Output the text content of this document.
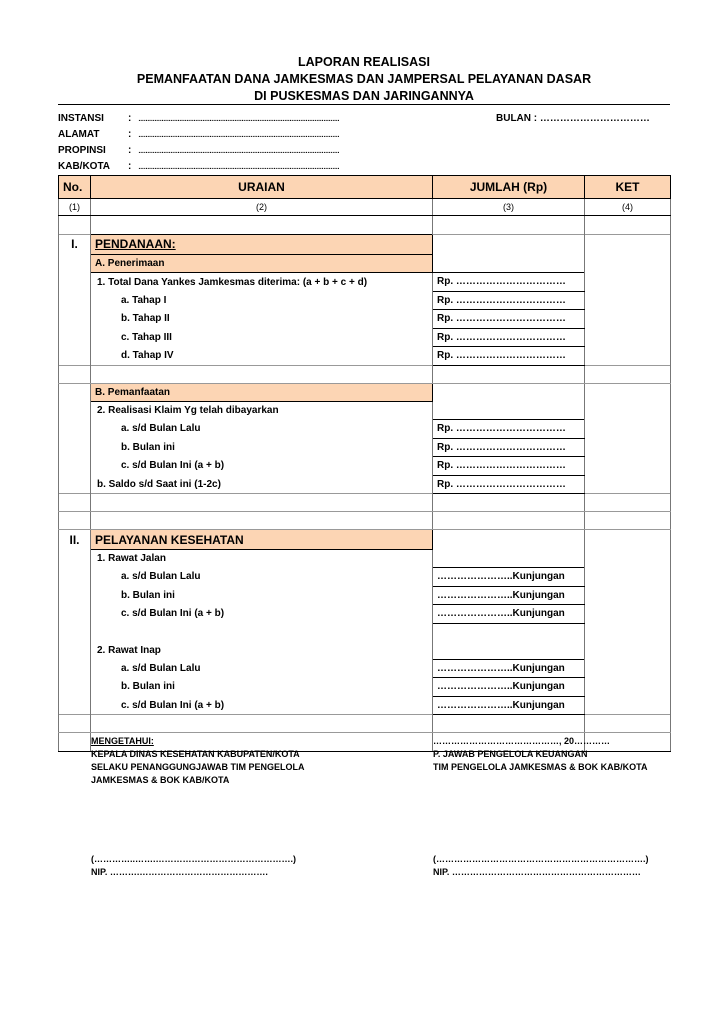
LAPORAN REALISASI
PEMANFAATAN DANA JAMKESMAS DAN JAMPERSAL PELAYANAN DASAR
DI PUSKESMAS DAN JARINGANNYA
INSTANSI : .................................................................................................................	BULAN : ……………………………
ALAMAT	: .................................................................................................................
PROPINSI : .................................................................................................................
KAB/KOTA : .................................................................................................................
No.	URAIAN	JUMLAH (Rp)	KET
(1)	(2)	(3)	(4)

I.	PENDANAAN:		
	A. Penerimaan		
	1. Total Dana Yankes Jamkesmas diterima: (a + b + c + d)	Rp. ……………………………	
	a. Tahap I	Rp. ……………………………	
	b. Tahap II	Rp. ……………………………	
	c. Tahap III	Rp. ……………………………	
	d. Tahap IV	Rp. ……………………………	

	B. Pemanfaatan		
	2. Realisasi Klaim Yg telah dibayarkan		
	a. s/d Bulan Lalu	Rp. ……………………………	
	b. Bulan ini	Rp. ……………………………	
	c. s/d Bulan Ini (a + b)	Rp. ……………………………	
	b. Saldo s/d Saat ini (1-2c)	Rp. ……………………………	

II.	PELAYANAN KESEHATAN		
	1. Rawat Jalan		
	a. s/d Bulan Lalu	…………………..Kunjungan	
	b. Bulan ini	…………………..Kunjungan	
	c. s/d Bulan Ini (a + b)	…………………..Kunjungan	

	2. Rawat Inap		
	a. s/d Bulan Lalu	…………………..Kunjungan	
	b. Bulan ini	…………………..Kunjungan	
	c. s/d Bulan Ini (a + b)	…………………..Kunjungan	

MENGETAHUI:
KEPALA DINAS KESEHATAN KABUPATEN/KOTA
SELAKU PENANGGUNGJAWAB TIM PENGELOLA
JAMKESMAS & BOK KAB/KOTA
(…………..…….……………………………………….)
NIP. ……….…………………………………….
……………………………………, 20…………
P. JAWAB PENGELOLA KEUANGAN
TIM PENGELOLA JAMKESMAS & BOK KAB/KOTA
(…………………………………………………………….)
NIP. ………………………………………………………
